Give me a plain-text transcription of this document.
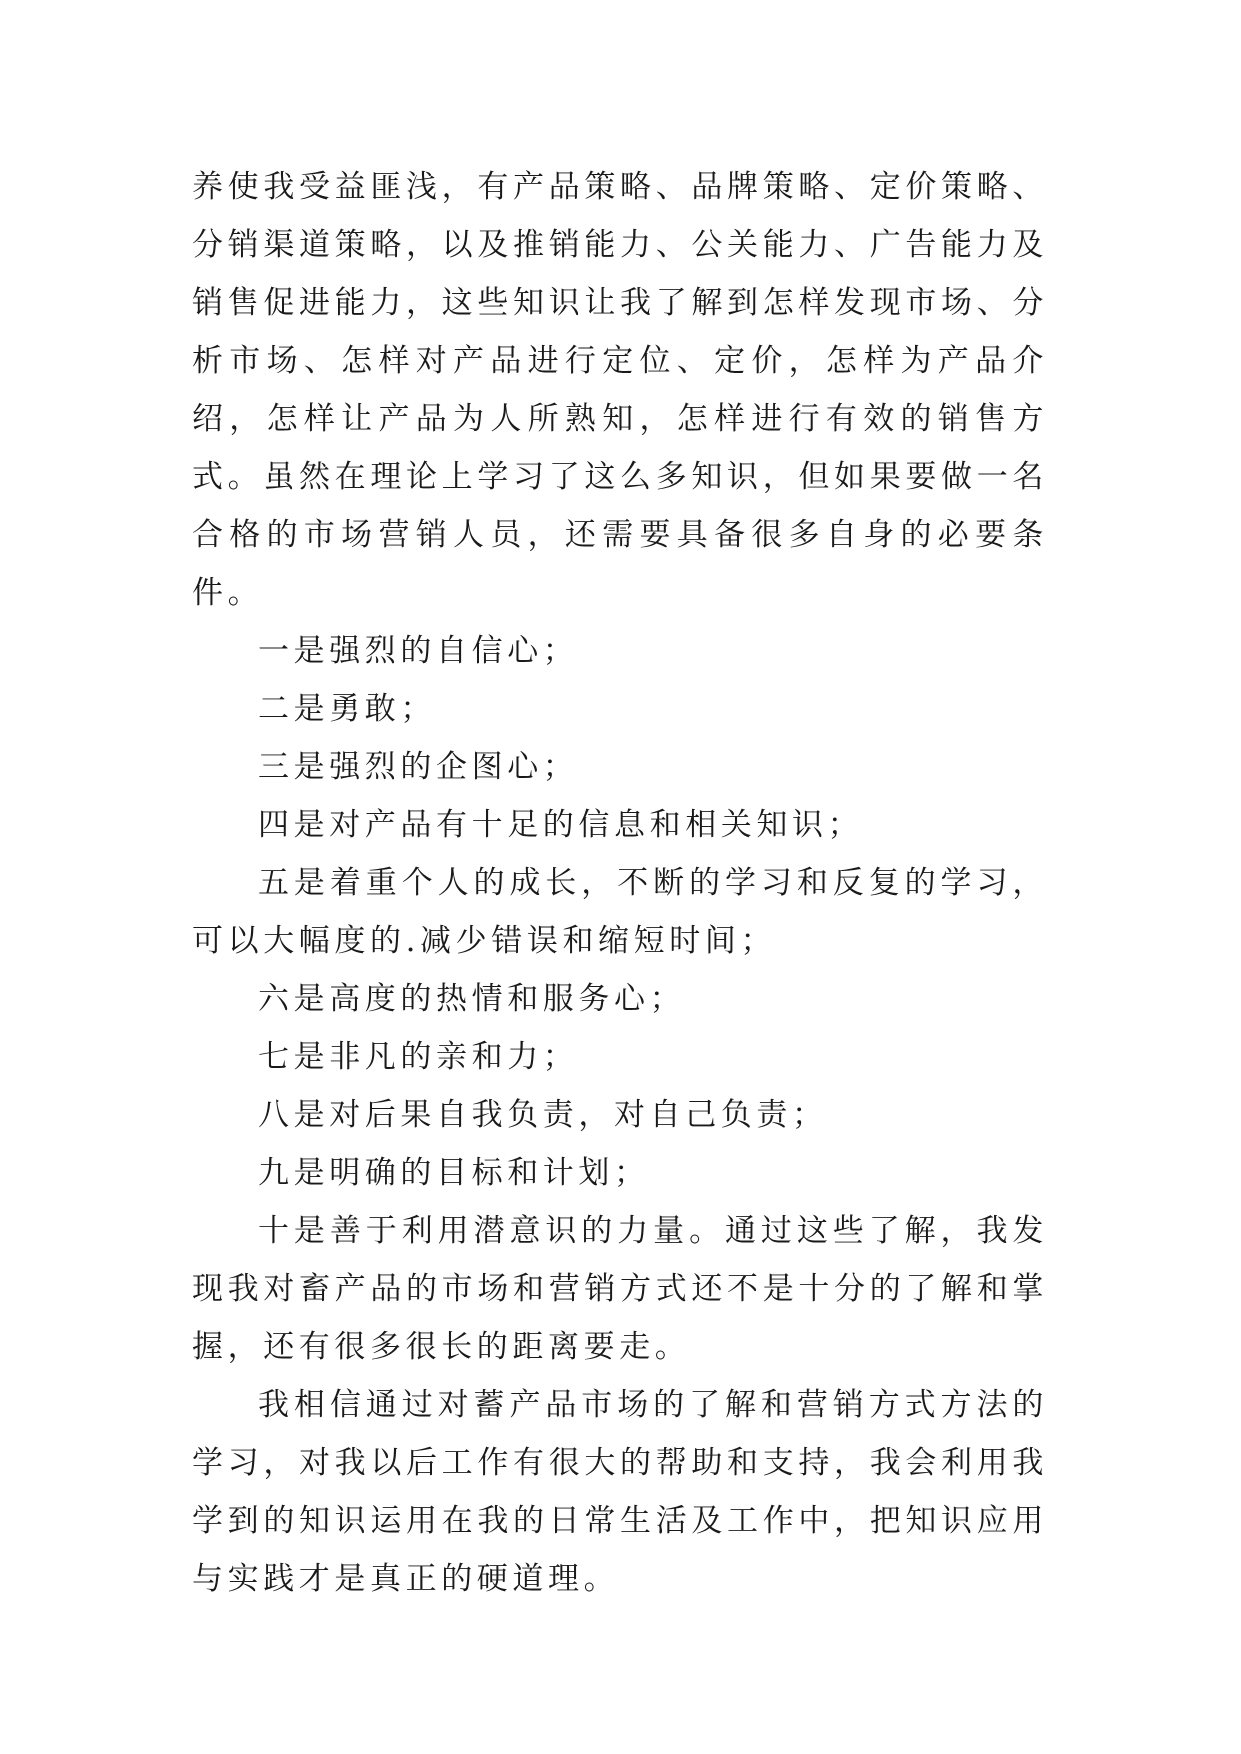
养使我受益匪浅，有产品策略、品牌策略、定价策略、分销渠道策略，以及推销能力、公关能力、广告能力及销售促进能力，这些知识让我了解到怎样发现市场、分析市场、怎样对产品进行定位、定价，怎样为产品介绍，怎样让产品为人所熟知，怎样进行有效的销售方式。虽然在理论上学习了这么多知识，但如果要做一名合格的市场营销人员，还需要具备很多自身的必要条件。

一是强烈的自信心；

二是勇敢；

三是强烈的企图心；

四是对产品有十足的信息和相关知识；

五是着重个人的成长，不断的学习和反复的学习，可以大幅度的.减少错误和缩短时间；

六是高度的热情和服务心；

七是非凡的亲和力；

八是对后果自我负责，对自己负责；

九是明确的目标和计划；

十是善于利用潜意识的力量。通过这些了解，我发现我对畜产品的市场和营销方式还不是十分的了解和掌握，还有很多很长的距离要走。

我相信通过对蓄产品市场的了解和营销方式方法的学习，对我以后工作有很大的帮助和支持，我会利用我学到的知识运用在我的日常生活及工作中，把知识应用与实践才是真正的硬道理。
